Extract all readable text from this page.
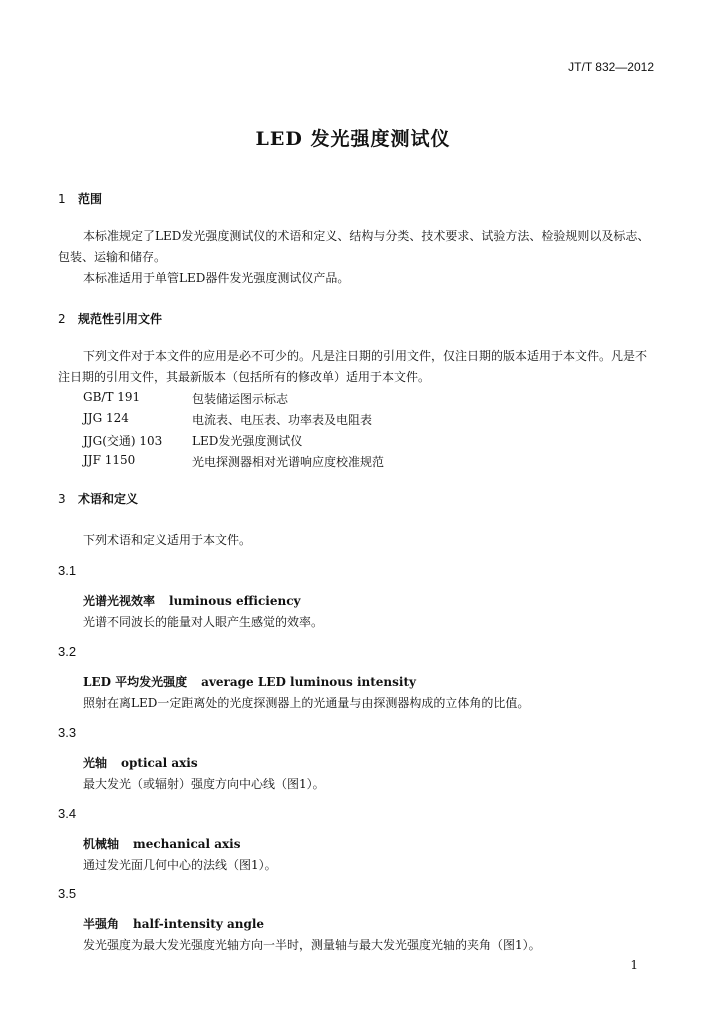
JT/T 832—2012
LED 发光强度测试仪
1 范围
本标准规定了LED发光强度测试仪的术语和定义、结构与分类、技术要求、试验方法、检验规则以及标志、包装、运输和储存。
本标准适用于单管LED器件发光强度测试仪产品。
2 规范性引用文件
下列文件对于本文件的应用是必不可少的。凡是注日期的引用文件，仅注日期的版本适用于本文件。凡是不注日期的引用文件，其最新版本（包括所有的修改单）适用于本文件。
GB/T 191	包装储运图示标志
JJG 124	电流表、电压表、功率表及电阻表
JJG(交通) 103 LED发光强度测试仪
JJF 1150	光电探测器相对光谱响应度校准规范
3 术语和定义
下列术语和定义适用于本文件。
3.1
光谱光视效率 luminous efficiency
光谱不同波长的能量对人眼产生感觉的效率。
3.2
LED 平均发光强度 average LED luminous intensity
照射在离LED一定距离处的光度探测器上的光通量与由探测器构成的立体角的比值。
3.3
光轴 optical axis
最大发光（或辐射）强度方向中心线（图1）。
3.4
机械轴 mechanical axis
通过发光面几何中心的法线（图1）。
3.5
半强角 half-intensity angle
发光强度为最大发光强度光轴方向一半时，测量轴与最大发光强度光轴的夹角（图1）。
1
